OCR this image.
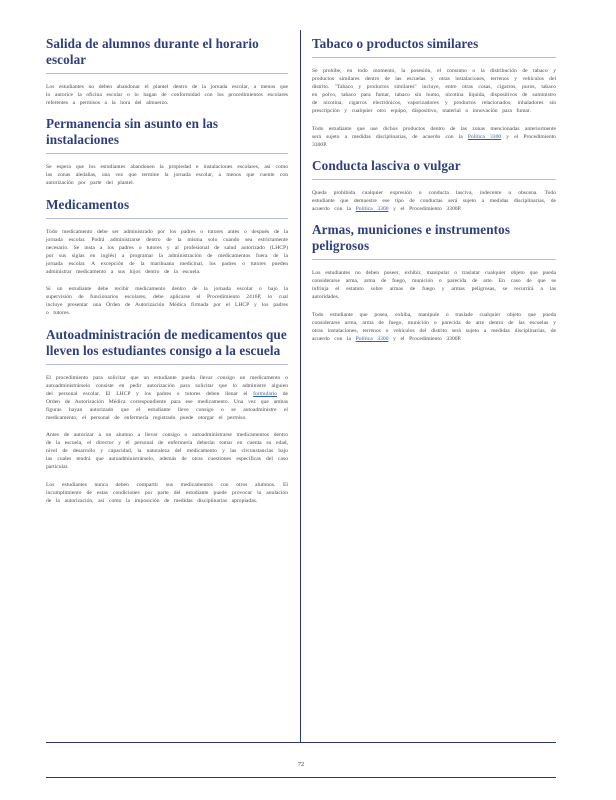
Salida de alumnos durante el horario escolar

Los estudiantes no deben abandonar el plantel dentro de la jornada escolar, a menos que lo autorice la oficina escolar o lo hagan de conformidad con los procedimientos escolares referentes a permisos a la hora del almuerzo.

Permanencia sin asunto en las instalaciones

Se espera que los estudiantes abandonen la propiedad e instalaciones escolares, así como las zonas aledañas, una vez que termine la jornada escolar, a menos que cuente con autorización por parte del plantel.

Medicamentos

Todo medicamento debe ser administrado por los padres o tutores antes o después de la jornada escolar. Podrá administrarse dentro de la misma solo cuando sea estrictamente necesario. Se insta a los padres o tutores y al profesional de salud autorizado (LHCP) por sus siglas en inglés) a programar la administración de medicamentos fuera de la jornada escolar. A excepción de la marihuana medicinal, los padres o tutores pueden administrar medicamento a sus hijos dentro de la escuela.

Si un estudiante debe recibir medicamento dentro de la jornada escolar o bajo la supervisión de funcionarios escolares, debe aplicarse el Procedimiento 2416P, lo cual incluye presentar una Orden de Autorización Médica firmada por el LHCP y los padres o tutores.

Autoadministración de medicamentos que lleven los estudiantes consigo a la escuela

El procedimiento para solicitar que un estudiante pueda llevar consigo un medicamento o autoadministrárselo consiste en pedir autorización para solicitar que lo administre alguien del personal escolar. El LHCP y los padres o tutores deben llenar el formulario de Orden de Autorización Médica correspondiente para ese medicamento. Una vez que ambas figuras hayan autorizado que el estudiante lleve consigo o se autoadministre el medicamento, el personal de enfermería registrado puede otorgar el permiso.

Antes de autorizar a un alumno a llevar consigo o autoadministrarse medicamentos dentro de la escuela, el director y el personal de enfermería deberán tomar en cuenta su edad, nivel de desarrollo y capacidad, la naturaleza del medicamento y las circunstancias bajo las cuales tendrá que autoadministrárselo, además de otras cuestiones específicas del caso particular.

Los estudiantes nunca deben compartir sus medicamentos con otros alumnos. El incumplimiento de estas condiciones por parte del estudiante puede provocar la anulación de la autorización, así como la imposición de medidas disciplinarias apropiadas.

Tabaco o productos similares

Se prohíbe, en todo momento, la posesión, el consumo o la distribución de tabaco y productos similares dentro de las escuelas y otras instalaciones, terrenos y vehículos del distrito. "Tabaco y productos similares" incluye, entre otras cosas, cigarros, puros, tabaco en polvo, tabaco para fumar, tabaco sin humo, nicotina líquida, dispositivos de suministro de nicotina, cigarros electrónicos, vaporizadores y productos relacionados, inhaladores sin prescripción y cualquier otro equipo, dispositivo, material o innovación para fumar.

Todo estudiante que use dichos productos dentro de las zonas mencionadas anteriormente será sujeto a medidas disciplinarias, de acuerdo con la Política 3300 y el Procedimiento 3300P.

Conducta lasciva o vulgar

Queda prohibida cualquier expresión o conducta lasciva, indecente u obscena. Todo estudiante que demuestre ese tipo de conductas será sujeto a medidas disciplinarias, de acuerdo con la Política 3300 y el Procedimiento 3300P.

Armas, municiones e instrumentos peligrosos

Los estudiantes no deben poseer, exhibir, manipular o traslatar cualquier objeto que pueda considerarse arma, arma de fuego, munición o parecida de arte. En caso de que se infrinja el estatuto sobre armas de fuego y armas peligrosas, se recurrirá a las autoridades.

Todo estudiante que posea, exhiba, manipule o traslade cualquier objeto que pueda considerarse arma, arma de fuego, munición o parecida de arte dentro de las escuelas y otras instalaciones, terrenos o vehículos del distrito será sujeto a medidas disciplinarias, de acuerdo con la Política 3300 y el Procedimiento 3300P.

72
